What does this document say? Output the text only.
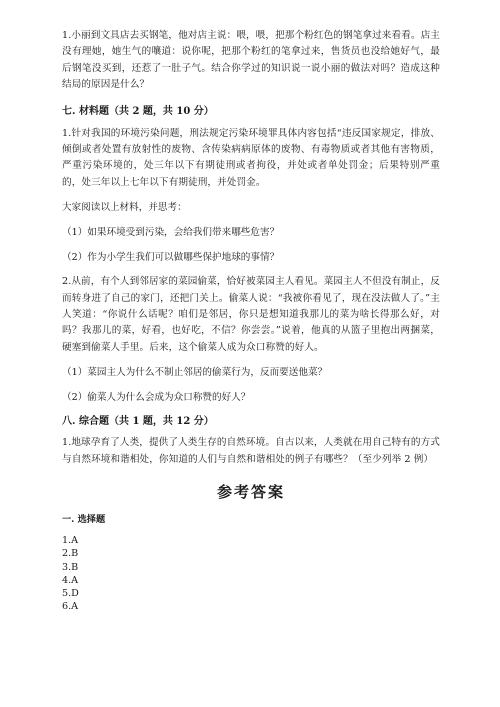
1.小丽到文具店去买钢笔，他对店主说：喂，喂，把那个粉红色的钢笔拿过来看看。店主没有理她，她生气的嚷道：说你呢，把那个粉红的笔拿过来，售货员也没给她好气，最后钢笔没买到，还惹了一肚子气。结合你学过的知识说一说小丽的做法对吗？造成这种结局的原因是什么？

七. 材料题（共 2 题，共 10 分）

1.针对我国的环境污染问题，刑法规定污染环境罪具体内容包括“违反国家规定，排放、倾倒或者处置有放射性的废物、含传染病病原体的废物、有毒物质或者其他有害物质，严重污染环境的，处三年以下有期徒刑或者拘役，并处或者单处罚金；后果特别严重的，处三年以上七年以下有期徒刑，并处罚金。

大家阅读以上材料，并思考：

（1）如果环境受到污染，会给我们带来哪些危害？

（2）作为小学生我们可以做哪些保护地球的事情？

2.从前，有个人到邻居家的菜园偷菜，恰好被菜园主人看见。菜园主人不但没有制止，反而转身进了自己的家门，还把门关上。偷菜人说：“我被你看见了，现在没法做人了。”主人笑道：“你说什么话呢？咱们是邻居，你只是想知道我那儿的菜为啥长得那么好，对吗？我那儿的菜，好看，也好吃，不信？你尝尝。”说着，他真的从篮子里抱出两捆菜，硬塞到偷菜人手里。后来，这个偷菜人成为众口称赞的好人。

（1）菜园主人为什么不制止邻居的偷菜行为，反而要送他菜？

（2）偷菜人为什么会成为众口称赞的好人？

八. 综合题（共 1 题，共 12 分）

1.地球孕育了人类，提供了人类生存的自然环境。自古以来，人类就在用自己特有的方式与自然环境和谐相处，你知道的人们与自然和谐相处的例子有哪些？（至少列举 2 例）

参考答案

一. 选择题

1.A

2.B

3.B

4.A

5.D

6.A
